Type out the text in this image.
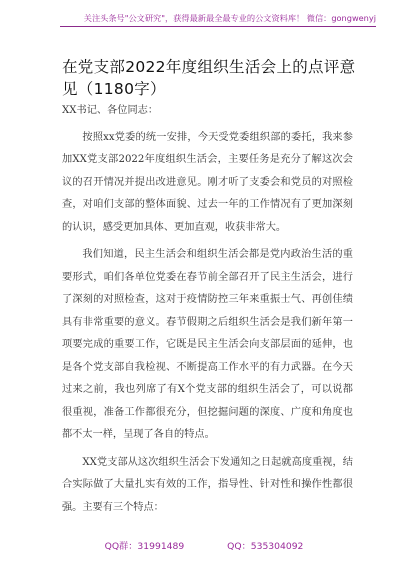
关注头条号"公文研究"，获得最新最全最专业的公文资料库！ 微信：gongwenyj
在党支部2022年度组织生活会上的点评意见（1180字）

XX书记、各位同志：

按照xx党委的统一安排，今天受党委组织部的委托，我来参加XX党支部2022年度组织生活会，主要任务是充分了解这次会议的召开情况并提出改进意见。刚才听了支委会和党员的对照检查，对咱们支部的整体面貌、过去一年的工作情况有了更加深刻的认识，感受更加具体、更加直观，收获非常大。

我们知道，民主生活会和组织生活会都是党内政治生活的重要形式，咱们各单位党委在春节前全部召开了民主生活会，进行了深刻的对照检查，这对于疫情防控三年来重振士气、再创佳绩具有非常重要的意义。春节假期之后组织生活会是我们新年第一项要完成的重要工作，它既是民主生活会向支部层面的延伸，也是各个党支部自我检视、不断提高工作水平的有力武器。在今天过来之前，我也列席了有X个党支部的组织生活会了，可以说都很重视，准备工作都很充分，但挖掘问题的深度、广度和角度也都不太一样，呈现了各自的特点。

XX党支部从这次组织生活会下发通知之日起就高度重视，结合实际做了大量扎实有效的工作，指导性、针对性和操作性都很强。主要有三个特点：

QQ群：31991489	QQ：535304092
